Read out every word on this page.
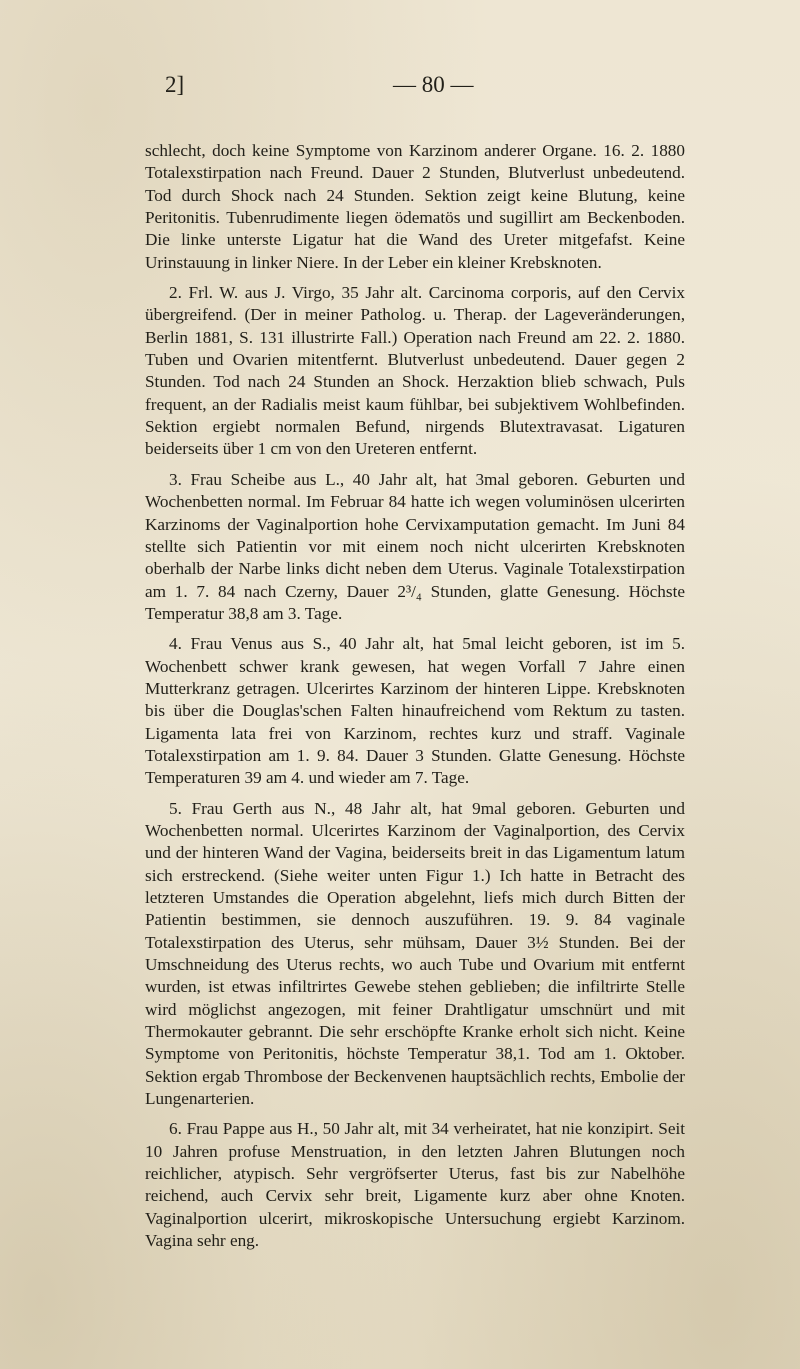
2]	— 80 —

schlecht, doch keine Symptome von Karzinom anderer Organe. 16. 2. 1880 Totalexstirpation nach Freund. Dauer 2 Stunden, Blutverlust unbedeutend. Tod durch Shock nach 24 Stunden. Sektion zeigt keine Blutung, keine Peritonitis. Tubenrudimente liegen ödematös und sugillirt am Beckenboden. Die linke unterste Ligatur hat die Wand des Ureter mitgefafst. Keine Urinstauung in linker Niere. In der Leber ein kleiner Krebsknoten.

2. Frl. W. aus J. Virgo, 35 Jahr alt. Carcinoma corporis, auf den Cervix übergreifend. (Der in meiner Patholog. u. Therap. der Lageveränderungen, Berlin 1881, S. 131 illustrirte Fall.) Operation nach Freund am 22. 2. 1880. Tuben und Ovarien mitentfernt. Blutverlust unbedeutend. Dauer gegen 2 Stunden. Tod nach 24 Stunden an Shock. Herzaktion blieb schwach, Puls frequent, an der Radialis meist kaum fühlbar, bei subjektivem Wohlbefinden. Sektion ergiebt normalen Befund, nirgends Blutextravasat. Ligaturen beiderseits über 1 cm von den Ureteren entfernt.

3. Frau Scheibe aus L., 40 Jahr alt, hat 3mal geboren. Geburten und Wochenbetten normal. Im Februar 84 hatte ich wegen voluminösen ulcerirten Karzinoms der Vaginalportion hohe Cervixamputation gemacht. Im Juni 84 stellte sich Patientin vor mit einem noch nicht ulcerirten Krebsknoten oberhalb der Narbe links dicht neben dem Uterus. Vaginale Totalexstirpation am 1. 7. 84 nach Czerny, Dauer 2³/₄ Stunden, glatte Genesung. Höchste Temperatur 38,8 am 3. Tage.

4. Frau Venus aus S., 40 Jahr alt, hat 5mal leicht geboren, ist im 5. Wochenbett schwer krank gewesen, hat wegen Vorfall 7 Jahre einen Mutterkranz getragen. Ulcerirtes Karzinom der hinteren Lippe. Krebsknoten bis über die Douglas'schen Falten hinaufreichend vom Rektum zu tasten. Ligamenta lata frei von Karzinom, rechtes kurz und straff. Vaginale Totalexstirpation am 1. 9. 84. Dauer 3 Stunden. Glatte Genesung. Höchste Temperaturen 39 am 4. und wieder am 7. Tage.

5. Frau Gerth aus N., 48 Jahr alt, hat 9mal geboren. Geburten und Wochenbetten normal. Ulcerirtes Karzinom der Vaginalportion, des Cervix und der hinteren Wand der Vagina, beiderseits breit in das Ligamentum latum sich erstreckend. (Siehe weiter unten Figur 1.) Ich hatte in Betracht des letzteren Umstandes die Operation abgelehnt, liefs mich durch Bitten der Patientin bestimmen, sie dennoch auszuführen. 19. 9. 84 vaginale Totalexstirpation des Uterus, sehr mühsam, Dauer 3½ Stunden. Bei der Umschneidung des Uterus rechts, wo auch Tube und Ovarium mit entfernt wurden, ist etwas infiltrirtes Gewebe stehen geblieben; die infiltrirte Stelle wird möglichst angezogen, mit feiner Drahtligatur umschnürt und mit Thermokauter gebrannt. Die sehr erschöpfte Kranke erholt sich nicht. Keine Symptome von Peritonitis, höchste Temperatur 38,1. Tod am 1. Oktober. Sektion ergab Thrombose der Beckenvenen hauptsächlich rechts, Embolie der Lungenarterien.

6. Frau Pappe aus H., 50 Jahr alt, mit 34 verheiratet, hat nie konzipirt. Seit 10 Jahren profuse Menstruation, in den letzten Jahren Blutungen noch reichlicher, atypisch. Sehr vergröfserter Uterus, fast bis zur Nabelhöhe reichend, auch Cervix sehr breit, Ligamente kurz aber ohne Knoten. Vaginalportion ulcerirt, mikroskopische Untersuchung ergiebt Karzinom. Vagina sehr eng.
